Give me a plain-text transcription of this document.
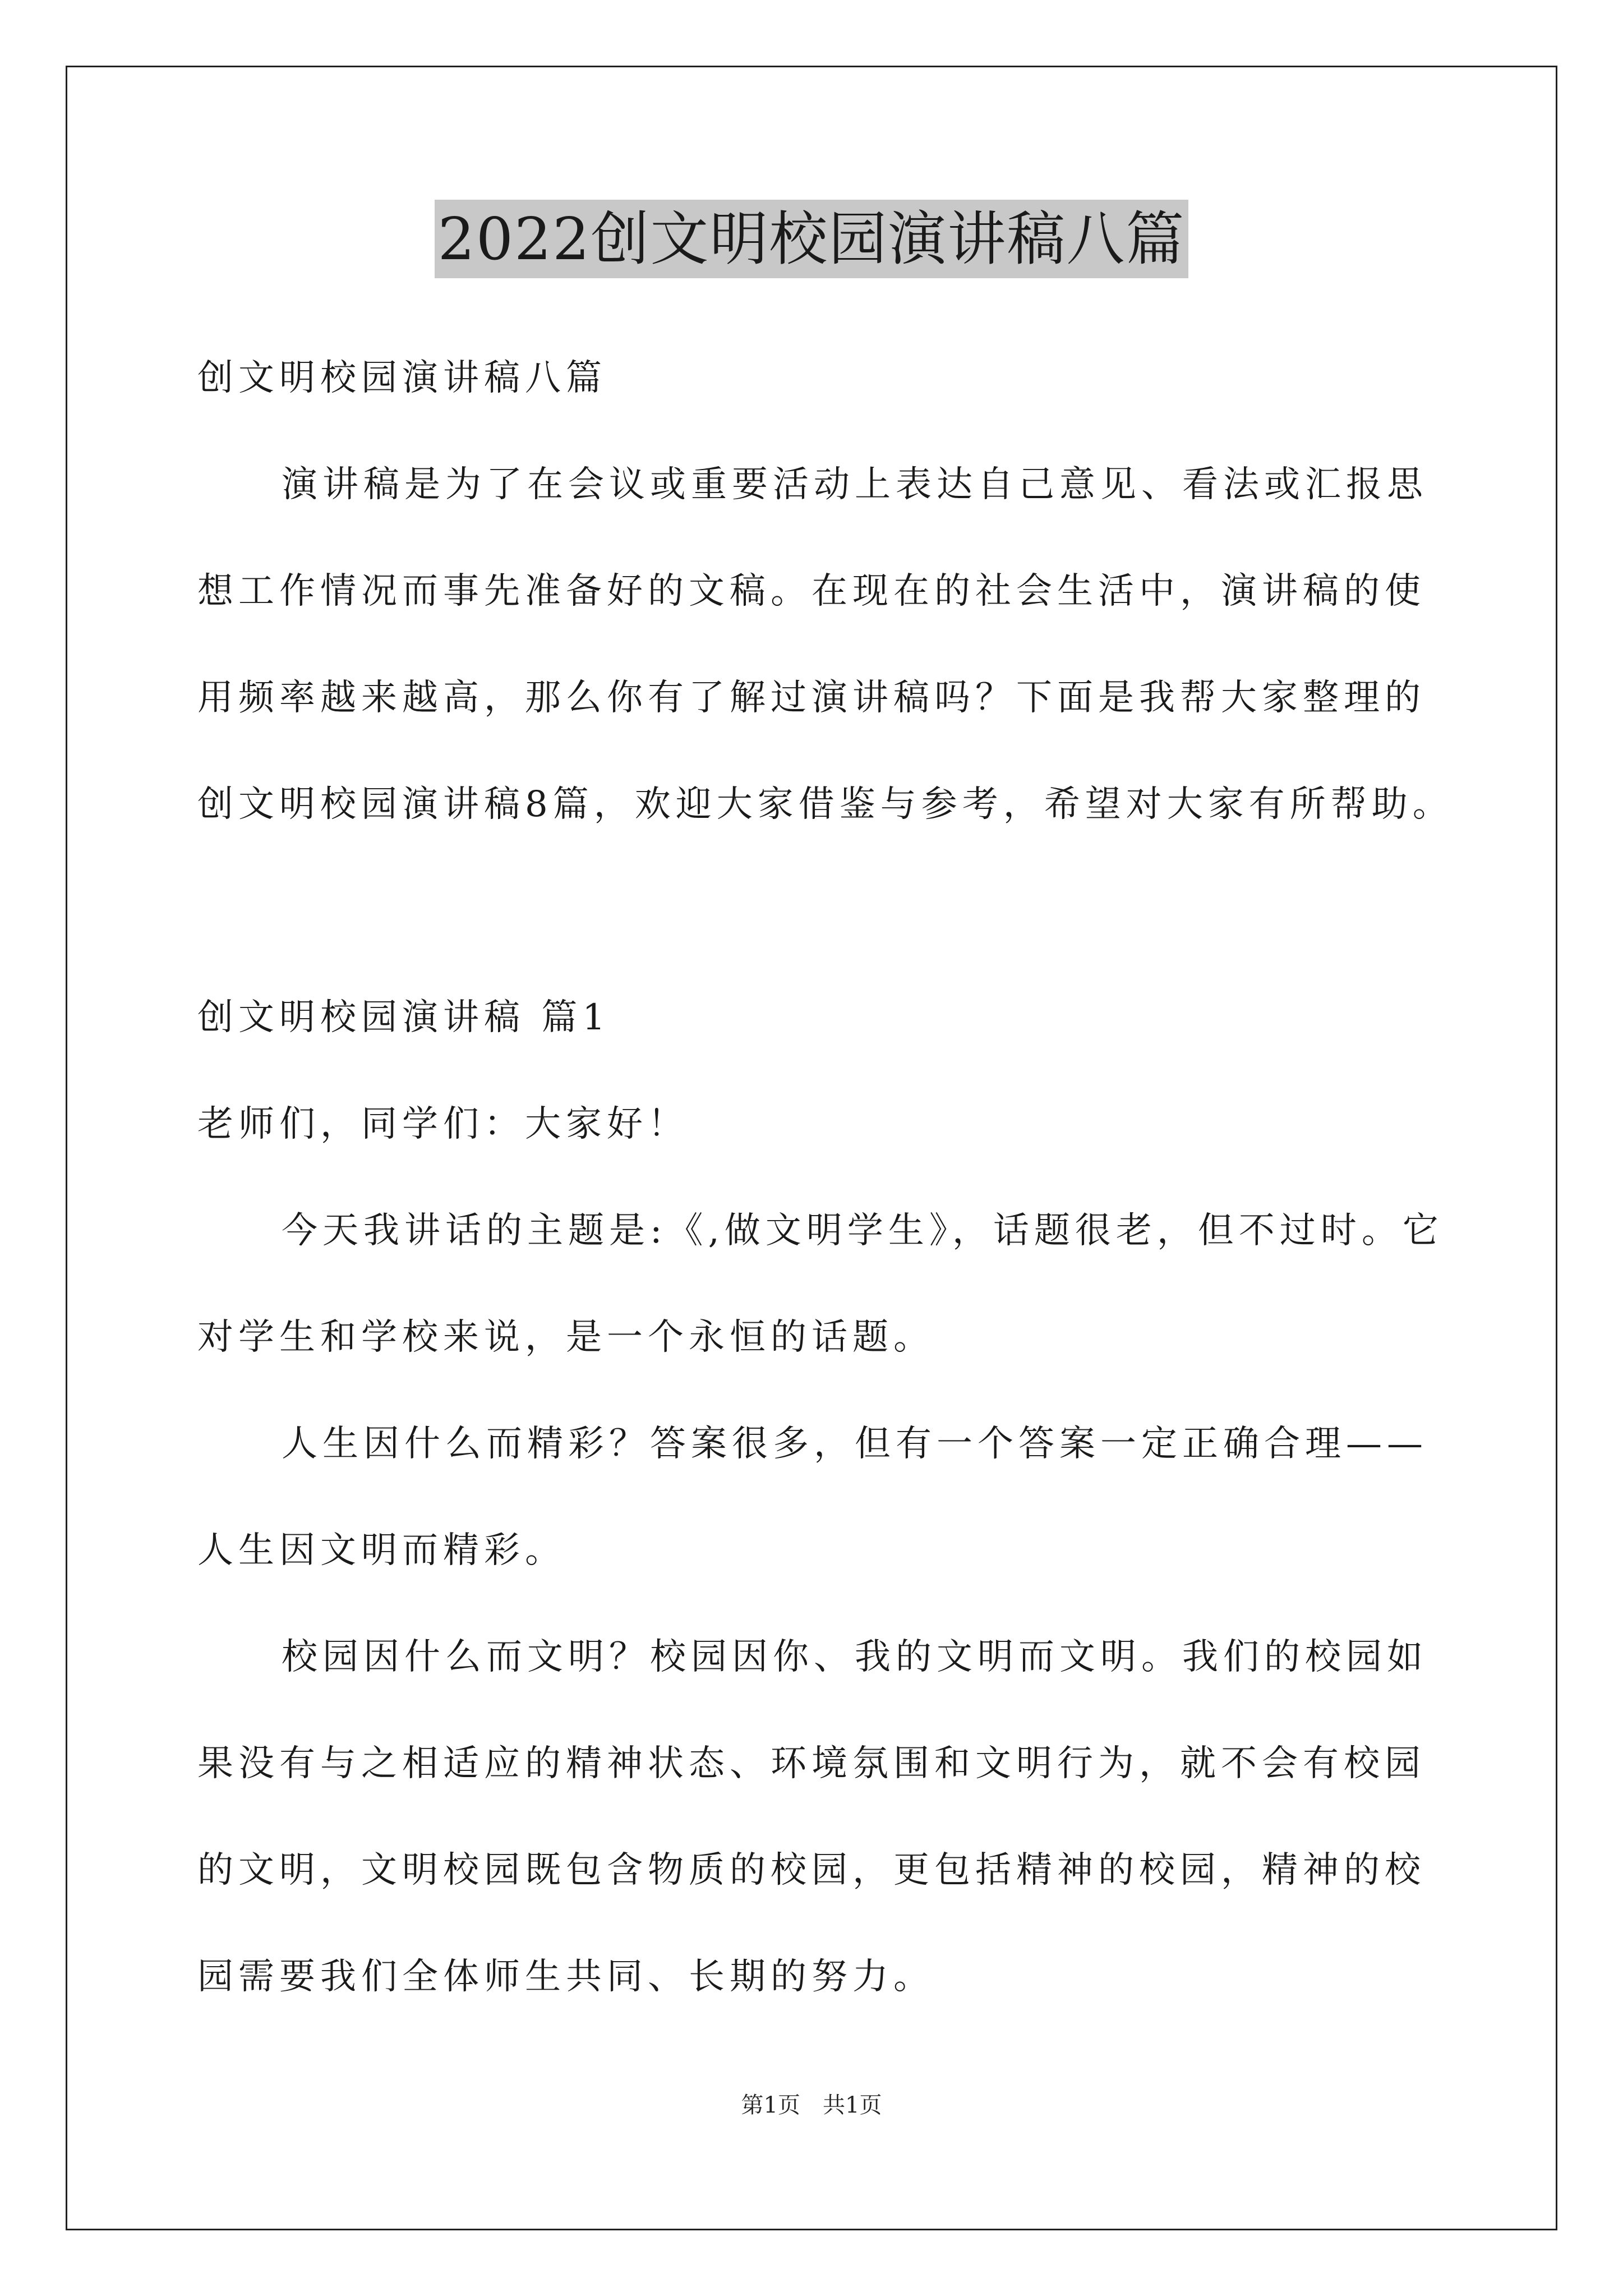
2022创文明校园演讲稿八篇
创文明校园演讲稿八篇
演讲稿是为了在会议或重要活动上表达自己意见、看法或汇报思
想工作情况而事先准备好的文稿。在现在的社会生活中，演讲稿的使
用频率越来越高，那么你有了解过演讲稿吗？下面是我帮大家整理的
创文明校园演讲稿8篇，欢迎大家借鉴与参考，希望对大家有所帮助。
创文明校园演讲稿 篇1
老师们，同学们：大家好！
今天我讲话的主题是:《,做文明学生》，话题很老，但不过时。它
对学生和学校来说，是一个永恒的话题。
人生因什么而精彩？答案很多，但有一个答案一定正确合理——
人生因文明而精彩。
校园因什么而文明？校园因你、我的文明而文明。我们的校园如
果没有与之相适应的精神状态、环境氛围和文明行为，就不会有校园
的文明，文明校园既包含物质的校园，更包括精神的校园，精神的校
园需要我们全体师生共同、长期的努力。
第1页　共1页
